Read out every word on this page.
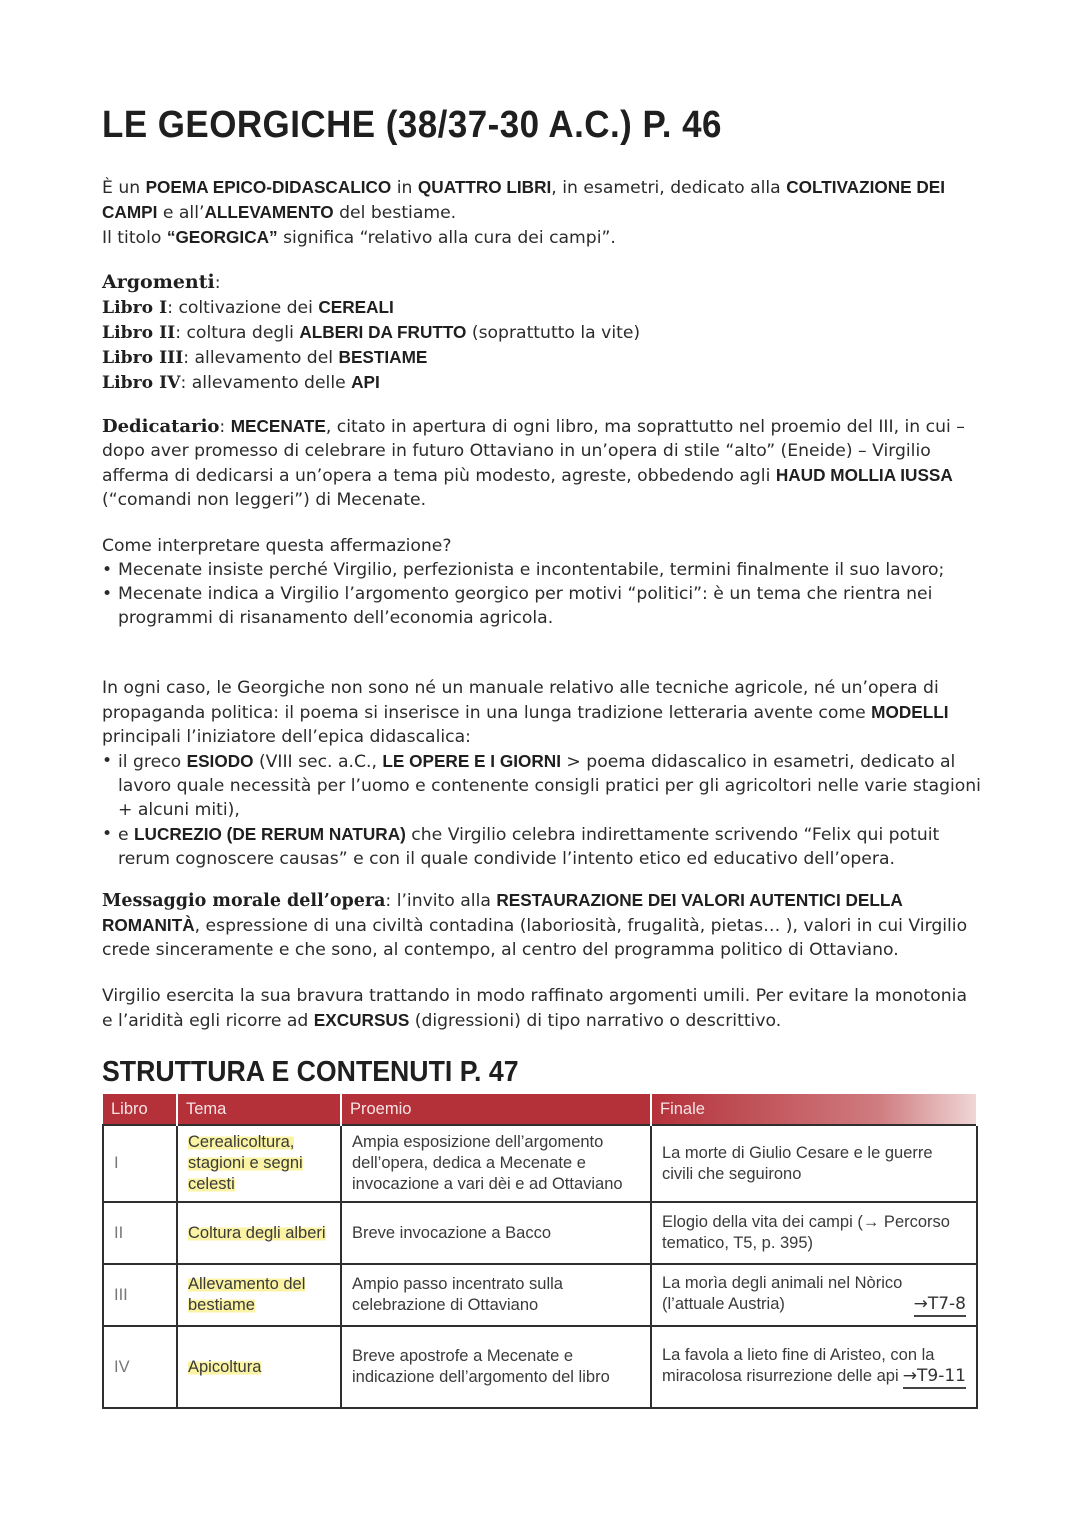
LE GEORGICHE (38/37-30 A.C.) P. 46

È un POEMA EPICO-DIDASCALICO in QUATTRO LIBRI, in esametri, dedicato alla COLTIVAZIONE DEI CAMPI e all’ALLEVAMENTO del bestiame.

Il titolo “GEORGICA” significa “relativo alla cura dei campi”.

Argomenti:

Libro I: coltivazione dei CEREALI

Libro II: coltura degli ALBERI DA FRUTTO (soprattutto la vite)

Libro III: allevamento del BESTIAME

Libro IV: allevamento delle API

Dedicatario: MECENATE, citato in apertura di ogni libro, ma soprattutto nel proemio del III, in cui – dopo aver promesso di celebrare in futuro Ottaviano in un’opera di stile “alto” (Eneide) – Virgilio afferma di dedicarsi a un’opera a tema più modesto, agreste, obbedendo agli HAUD MOLLIA IUSSA (“comandi non leggeri”) di Mecenate.

Come interpretare questa affermazione?

• Mecenate insiste perché Virgilio, perfezionista e incontentabile, termini finalmente il suo lavoro;
• Mecenate indica a Virgilio l’argomento georgico per motivi “politici”: è un tema che rientra nei programmi di risanamento dell’economia agricola.

In ogni caso, le Georgiche non sono né un manuale relativo alle tecniche agricole, né un’opera di propaganda politica: il poema si inserisce in una lunga tradizione letteraria avente come MODELLI principali l’iniziatore dell’epica didascalica:

• il greco ESIODO (VIII sec. a.C., LE OPERE E I GIORNI > poema didascalico in esametri, dedicato al lavoro quale necessità per l’uomo e contenente consigli pratici per gli agricoltori nelle varie stagioni + alcuni miti),
• e LUCREZIO (DE RERUM NATURA) che Virgilio celebra indirettamente scrivendo “Felix qui potuit rerum cognoscere causas” e con il quale condivide l’intento etico ed educativo dell’opera.

Messaggio morale dell’opera: l’invito alla RESTAURAZIONE DEI VALORI AUTENTICI DELLA ROMANITÀ, espressione di una civiltà contadina (laboriosità, frugalità, pietas… ), valori in cui Virgilio crede sinceramente e che sono, al contempo, al centro del programma politico di Ottaviano.

Virgilio esercita la sua bravura trattando in modo raffinato argomenti umili. Per evitare la monotonia e l’aridità egli ricorre ad EXCURSUS (digressioni) di tipo narrativo o descrittivo.

STRUTTURA E CONTENUTI P. 47
Libro	Tema	Proemio	Finale
I	Cerealicoltura, stagioni e segni celesti	Ampia esposizione dell’argomento dell’opera, dedica a Mecenate e invocazione a vari dèi e ad Ottaviano	La morte di Giulio Cesare e le guerre civili che seguirono

II	Coltura degli alberi	Breve invocazione a Bacco	Elogio della vita dei campi (→ Percorso tematico, T5, p. 395)

III	Allevamento del bestiame	Ampio passo incentrato sulla celebrazione di Ottaviano	La morìa degli animali nel Nòrico (l’attuale Austria) →T7-8

IV	Apicoltura	Breve apostrofe a Mecenate e indicazione dell’argomento del libro	La favola a lieto fine di Aristeo, con la miracolosa risurrezione delle api →T9-11
